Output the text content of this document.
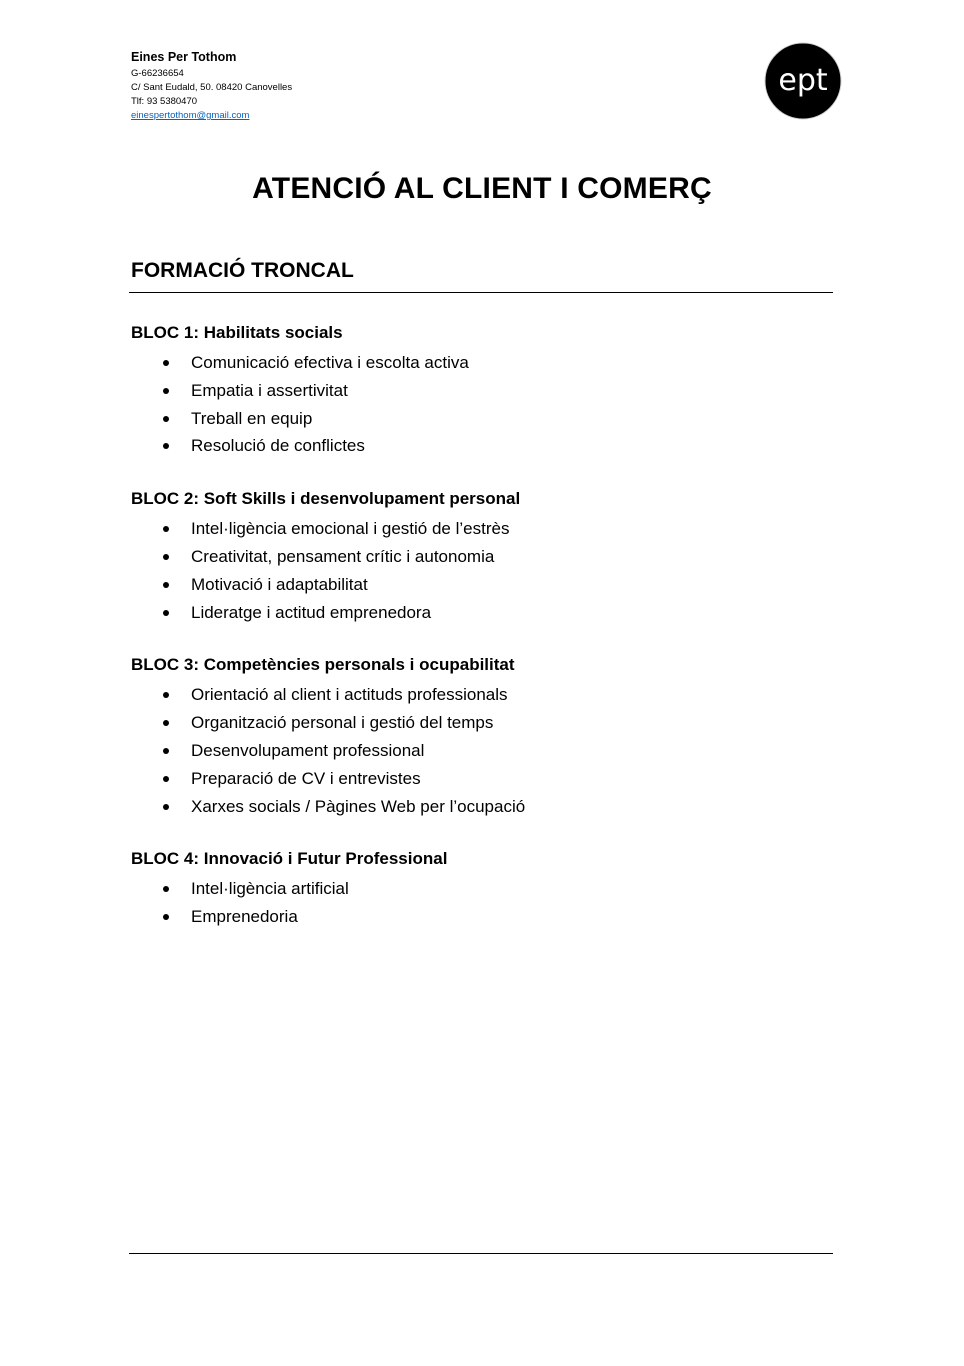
Eines Per Tothom

G-66236654

C/ Sant Eudald, 50. 08420 Canovelles

Tlf: 93 5380470

einespertothom@gmail.com

ept
ATENCIÓ AL CLIENT I COMERÇ
FORMACIÓ TRONCAL

BLOC 1: Habilitats socials

Comunicació efectiva i escolta activa
Empatia i assertivitat
Treball en equip
Resolució de conflictes

BLOC 2: Soft Skills i desenvolupament personal

Intel·ligència emocional i gestió de l’estrès
Creativitat, pensament crític i autonomia
Motivació i adaptabilitat
Lideratge i actitud emprenedora

BLOC 3: Competències personals i ocupabilitat

Orientació al client i actituds professionals
Organització personal i gestió del temps
Desenvolupament professional
Preparació de CV i entrevistes
Xarxes socials / Pàgines Web per l’ocupació

BLOC 4: Innovació i Futur Professional

Intel·ligència artificial
Emprenedoria
